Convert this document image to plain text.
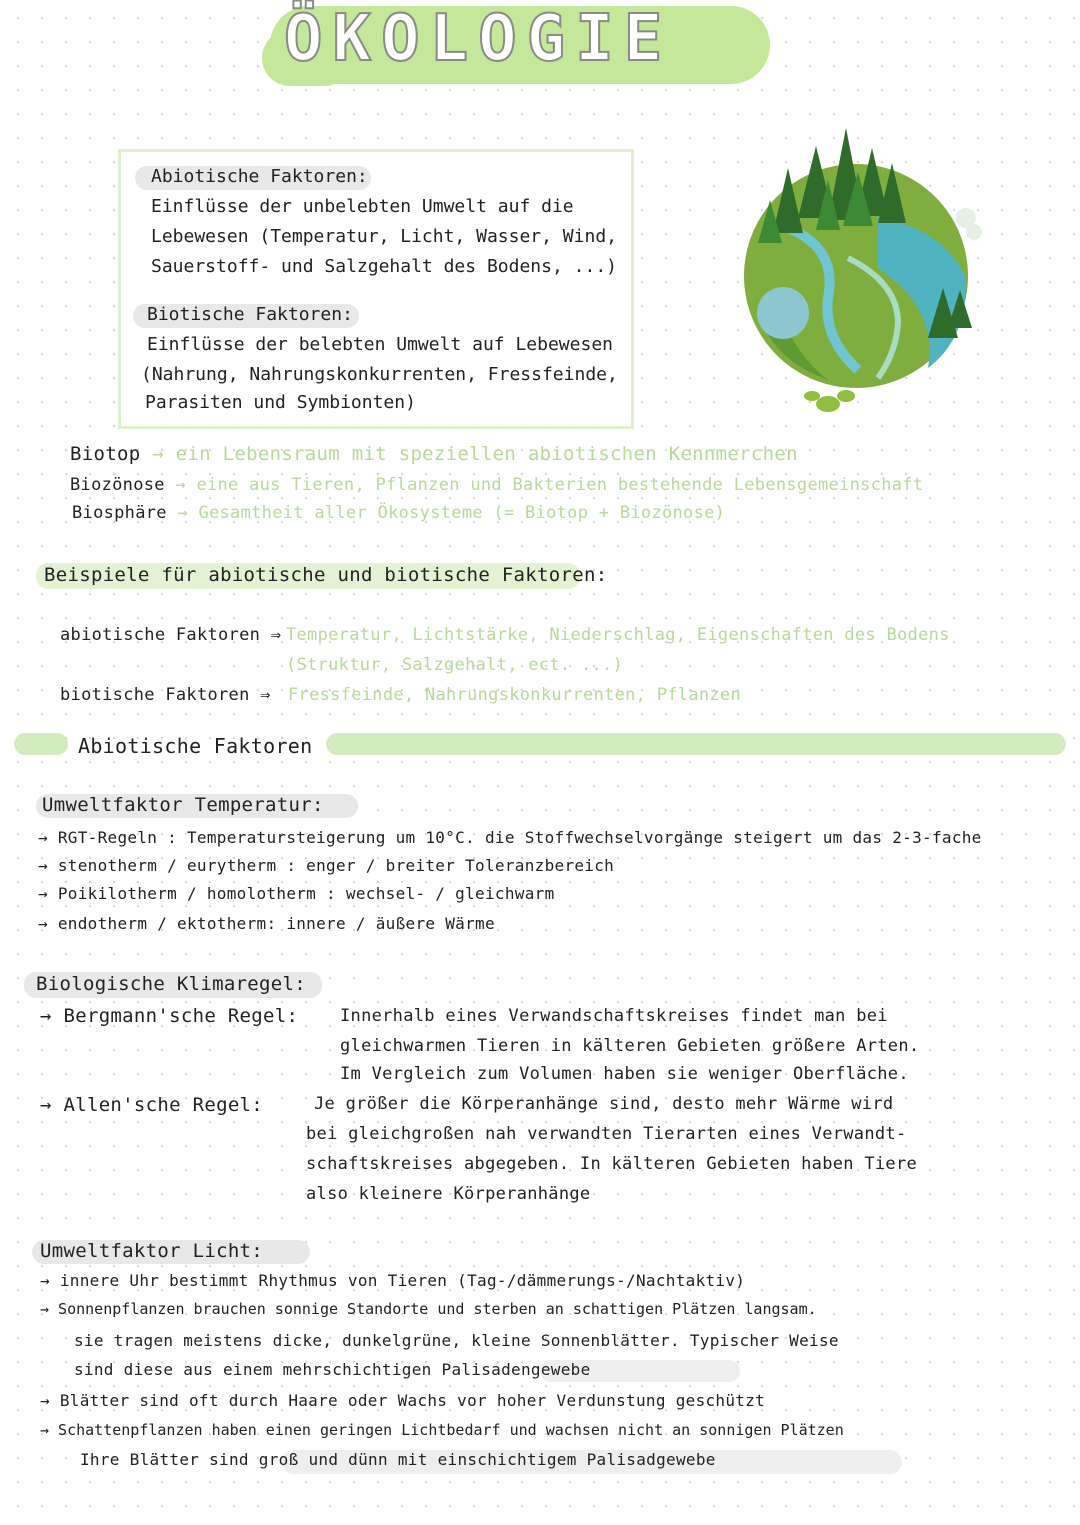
ÖKOLOGIE
Abiotische Faktoren:
Einflüsse der unbelebten Umwelt auf die
Lebewesen (Temperatur, Licht, Wasser, Wind,
Sauerstoff- und Salzgehalt des Bodens, ...)
Biotische Faktoren:
Einflüsse der belebten Umwelt auf Lebewesen
(Nahrung, Nahrungskonkurrenten, Fressfeinde,
Parasiten und Symbionten)
Biotop → ein Lebensraum mit speziellen abiotischen Kennmerchen
Biozönose → eine aus Tieren, Pflanzen und Bakterien bestehende Lebensgemeinschaft
Biosphäre → Gesamtheit aller Ökosysteme (= Biotop + Biozönose)
Beispiele für abiotische und biotische Faktoren:
abiotische Faktoren ⇒ Temperatur, Lichtstärke, Niederschlag, Eigenschaften des Bodens
(Struktur, Salzgehalt, ect. ...)
biotische Faktoren ⇒ Fressfeinde, Nahrungskonkurrenten, Pflanzen
Abiotische Faktoren
Umweltfaktor Temperatur:
→ RGT-Regeln : Temperatursteigerung um 10°C. die Stoffwechselvorgänge steigert um das 2-3-fache
→ stenotherm / eurytherm : enger / breiter Toleranzbereich
→ Poikilotherm / homolotherm : wechsel- / gleichwarm
→ endotherm / ektotherm: innere / äußere Wärme
Biologische Klimaregel:
→ Bergmann'sche Regel: Innerhalb eines Verwandschaftskreises findet man bei
gleichwarmen Tieren in kälteren Gebieten größere Arten.
Im Vergleich zum Volumen haben sie weniger Oberfläche.
→ Allen'sche Regel:	Je größer die Körperanhänge sind, desto mehr Wärme wird
bei gleichgroßen nah verwandten Tierarten eines Verwandt-
schaftskreises abgegeben. In kälteren Gebieten haben Tiere
also kleinere Körperanhänge
Umweltfaktor Licht:
→ innere Uhr bestimmt Rhythmus von Tieren (Tag-/dämmerungs-/Nachtaktiv)
→ Sonnenpflanzen brauchen sonnige Standorte und sterben an schattigen Plätzen langsam.
sie tragen meistens dicke, dunkelgrüne, kleine Sonnenblätter. Typischer Weise
sind diese aus einem mehrschichtigen Palisadengewebe
→ Blätter sind oft durch Haare oder Wachs vor hoher Verdunstung geschützt
→ Schattenpflanzen haben einen geringen Lichtbedarf und wachsen nicht an sonnigen Plätzen
Ihre Blätter sind groß und dünn mit einschichtigem Palisadgewebe
